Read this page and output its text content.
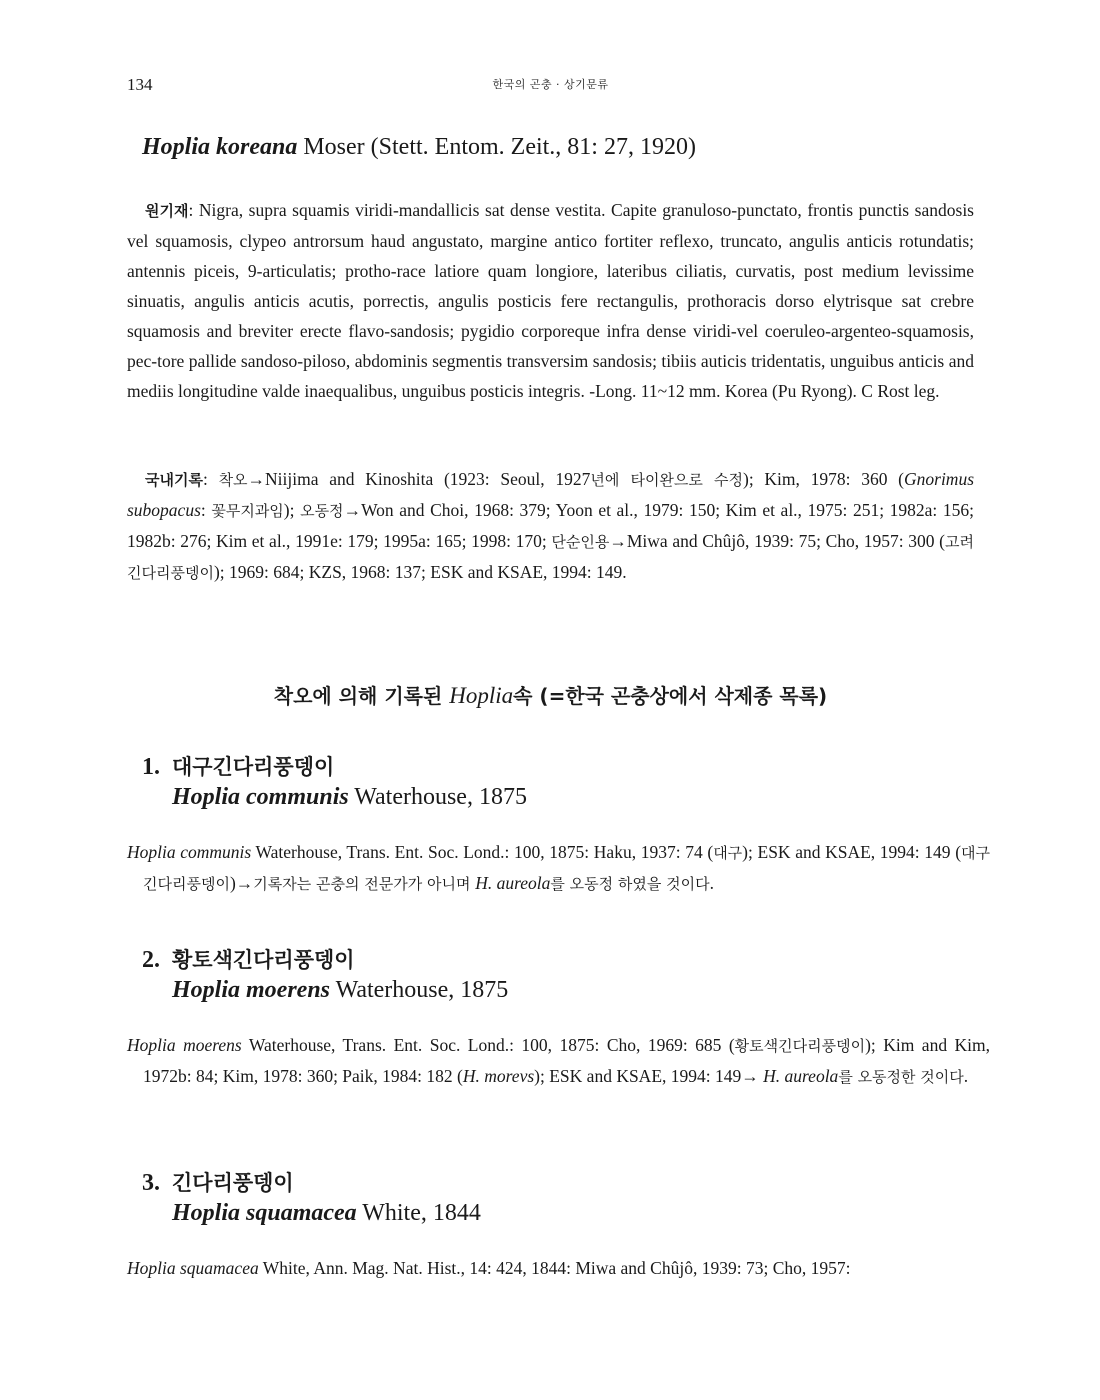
134	한국의 곤충 · 상기문류
Hoplia koreana Moser (Stett. Entom. Zeit., 81: 27, 1920)

원기재: Nigra, supra squamis viridi-mandallicis sat dense vestita. Capite granuloso-punctato, frontis punctis sandosis vel squamosis, clypeo antrorsum haud angustato, margine antico fortiter reflexo, truncato, angulis anticis rotundatis; antennis piceis, 9-articulatis; protho-race latiore quam longiore, lateribus ciliatis, curvatis, post medium levissime sinuatis, angulis anticis acutis, porrectis, angulis posticis fere rectangulis, prothoracis dorso elytrisque sat crebre squamosis and breviter erecte flavo-sandosis; pygidio corporeque infra dense viridi-vel coeruleo-argenteo-squamosis, pec-tore pallide sandoso-piloso, abdominis segmentis transversim sandosis; tibiis auticis tridentatis, unguibus anticis and mediis longitudine valde inaequalibus, unguibus posticis integris. -Long. 11~12 mm. Korea (Pu Ryong). C Rost leg.

국내기록: 착오→Niijima and Kinoshita (1923: Seoul, 1927년에 타이완으로 수정); Kim, 1978: 360 (Gnorimus subopacus: 꽃무지과임); 오동정→Won and Choi, 1968: 379; Yoon et al., 1979: 150; Kim et al., 1975: 251; 1982a: 156; 1982b: 276; Kim et al., 1991e: 179; 1995a: 165; 1998: 170; 단순인용→Miwa and Chûjô, 1939: 75; Cho, 1957: 300 (고려긴다리풍뎅이); 1969: 684; KZS, 1968: 137; ESK and KSAE, 1994: 149.

착오에 의해 기록된 Hoplia속 (=한국 곤충상에서 삭제종 목록)
1. 대구긴다리풍뎅이
Hoplia communis Waterhouse, 1875

Hoplia communis Waterhouse, Trans. Ent. Soc. Lond.: 100, 1875: Haku, 1937: 74 (대구); ESK and KSAE, 1994: 149 (대구긴다리풍뎅이)→기록자는 곤충의 전문가가 아니며 H. aureola를 오동정 하였을 것이다.

2. 황토색긴다리풍뎅이
Hoplia moerens Waterhouse, 1875

Hoplia moerens Waterhouse, Trans. Ent. Soc. Lond.: 100, 1875: Cho, 1969: 685 (황토색긴다리풍뎅이); Kim and Kim, 1972b: 84; Kim, 1978: 360; Paik, 1984: 182 (H. morevs); ESK and KSAE, 1994: 149→ H. aureola를 오동정한 것이다.

3. 긴다리풍뎅이
Hoplia squamacea White, 1844

Hoplia squamacea White, Ann. Mag. Nat. Hist., 14: 424, 1844: Miwa and Chûjô, 1939: 73; Cho, 1957:
